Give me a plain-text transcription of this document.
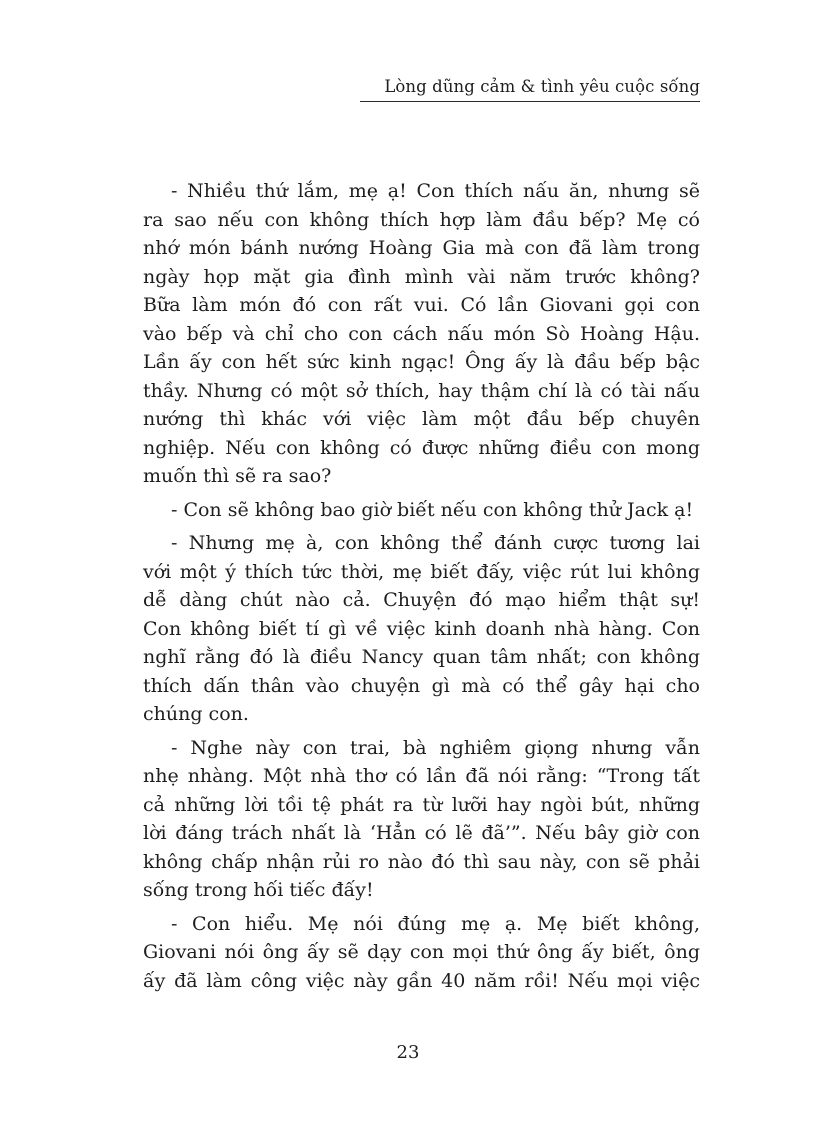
Lòng dũng cảm & tình yêu cuộc sống
- Nhiều thứ lắm, mẹ ạ! Con thích nấu ăn, nhưng sẽ
ra sao nếu con không thích hợp làm đầu bếp? Mẹ có
nhớ món bánh nướng Hoàng Gia mà con đã làm trong
ngày họp mặt gia đình mình vài năm trước không?
Bữa làm món đó con rất vui. Có lần Giovani gọi con
vào bếp và chỉ cho con cách nấu món Sò Hoàng Hậu.
Lần ấy con hết sức kinh ngạc! Ông ấy là đầu bếp bậc
thầy. Nhưng có một sở thích, hay thậm chí là có tài nấu
nướng thì khác với việc làm một đầu bếp chuyên
nghiệp. Nếu con không có được những điều con mong
muốn thì sẽ ra sao?
- Con sẽ không bao giờ biết nếu con không thử Jack ạ!
- Nhưng mẹ à, con không thể đánh cược tương lai
với một ý thích tức thời, mẹ biết đấy, việc rút lui không
dễ dàng chút nào cả. Chuyện đó mạo hiểm thật sự!
Con không biết tí gì về việc kinh doanh nhà hàng. Con
nghĩ rằng đó là điều Nancy quan tâm nhất; con không
thích dấn thân vào chuyện gì mà có thể gây hại cho
chúng con.
- Nghe này con trai, bà nghiêm giọng nhưng vẫn
nhẹ nhàng. Một nhà thơ có lần đã nói rằng: “Trong tất
cả những lời tồi tệ phát ra từ lưỡi hay ngòi bút, những
lời đáng trách nhất là ‘Hẳn có lẽ đã’”. Nếu bây giờ con
không chấp nhận rủi ro nào đó thì sau này, con sẽ phải
sống trong hối tiếc đấy!
- Con hiểu. Mẹ nói đúng mẹ ạ. Mẹ biết không,
Giovani nói ông ấy sẽ dạy con mọi thứ ông ấy biết, ông
ấy đã làm công việc này gần 40 năm rồi! Nếu mọi việc
23
